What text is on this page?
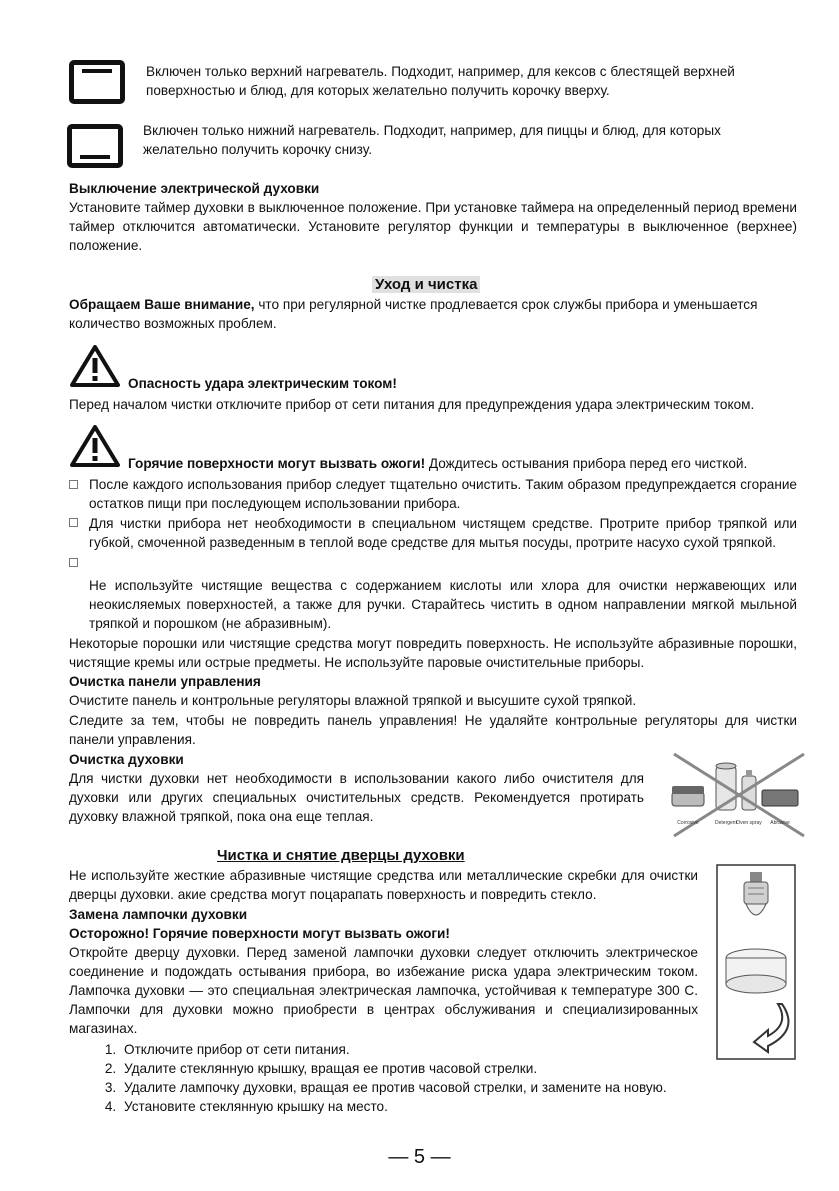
Включен только верхний нагреватель. Подходит, например, для кексов с блестящей верхней поверхностью и блюд, для которых желательно получить корочку вверху.
Включен только нижний нагреватель. Подходит, например, для пиццы и блюд, для которых желательно получить корочку снизу.
Выключение электрической духовки
Установите таймер духовки в выключенное положение. При установке таймера на определенный период времени таймер отключится автоматически. Установите регулятор функции и температуры в выключенное (верхнее) положение.
Уход и чистка
Обращаем Ваше внимание, что при регулярной чистке продлевается срок службы прибора и уменьшается количество возможных проблем.
Опасность удара электрическим током!
Перед началом чистки отключите прибор от сети питания для предупреждения удара электрическим током.
Горячие поверхности могут вызвать ожоги! Дождитесь остывания прибора перед его чисткой.
После каждого использования прибор следует тщательно очистить. Таким образом предупреждается сгорание остатков пищи при последующем использовании прибора.
Для чистки прибора нет необходимости в специальном чистящем средстве. Протрите прибор тряпкой или губкой, смоченной разведенным в теплой воде средстве для мытья посуды, протрите насухо сухой тряпкой.
Не используйте чистящие вещества с содержанием кислоты или хлора для очистки нержавеющих или неокисляемых поверхностей, а также для ручки. Старайтесь чистить в одном направлении мягкой мыльной тряпкой и порошком (не абразивным).
Некоторые порошки или чистящие средства могут повредить поверхность. Не используйте абразивные порошки, чистящие кремы или острые предметы. Не используйте паровые очистительные приборы.
Очистка панели управления
Очистите панель и контрольные регуляторы влажной тряпкой и высушите сухой тряпкой.
Следите за тем, чтобы не повредить панель управления! Не удаляйте контрольные регуляторы для чистки панели управления.
Очистка духовки
Для чистки духовки нет необходимости в использовании какого либо очистителя для духовки или других специальных очистительных средств. Рекомендуется протирать духовку влажной тряпкой, пока она еще теплая.	Corrosive	Detergent Oven spray Abrasive
Чистка и снятие дверцы духовки
Не используйте жесткие абразивные чистящие средства или металлические скребки для очистки дверцы духовки. акие средства могут поцарапать поверхность и повредить стекло.
Замена лампочки духовки
Осторожно! Горячие поверхности могут вызвать ожоги!
Откройте дверцу духовки. Перед заменой лампочки духовки следует отключить электрическое соединение и подождать остывания прибора, во избежание риска удара электрическим током. Лампочка духовки — это специальная электрическая лампочка, устойчивая к температуре 300 С. Лампочки для духовки можно приобрести в центрах обслуживания и специализированных магазинах.
1. Отключите прибор от сети питания.
2. Удалите стеклянную крышку, вращая ее против часовой стрелки.
3. Удалите лампочку духовки, вращая ее против часовой стрелки, и замените на новую.
4. Установите стеклянную крышку на место.
— 5 —
